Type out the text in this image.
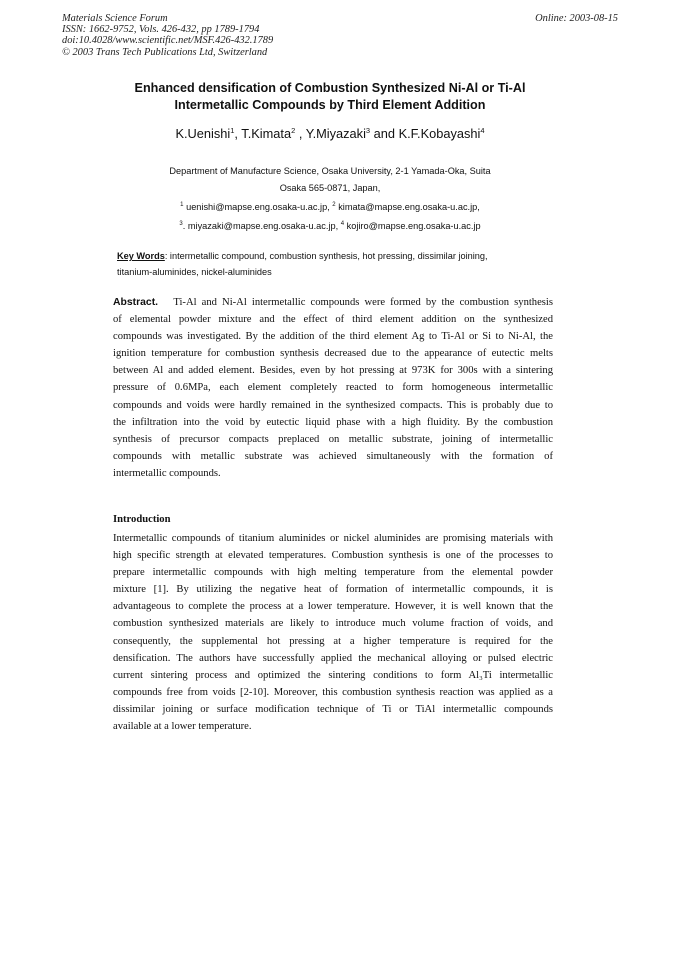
Materials Science Forum
ISSN: 1662-9752, Vols. 426-432, pp 1789-1794
doi:10.4028/www.scientific.net/MSF.426-432.1789
© 2003 Trans Tech Publications Ltd, Switzerland
Online: 2003-08-15
Enhanced densification of Combustion Synthesized Ni-Al or Ti-Al
Intermetallic Compounds by Third Element Addition
K.Uenishi$^1$, T.Kimata$^2$ , Y.Miyazaki$^3$ and K.F.Kobayashi$^4$
Department of Manufacture Science, Osaka University, 2-1 Yamada-Oka, Suita
Osaka 565-0871, Japan,
$^1$ uenishi@mapse.eng.osaka-u.ac.jp, $^2$ kimata@mapse.eng.osaka-u.ac.jp,
$^3$. miyazaki@mapse.eng.osaka-u.ac.jp, $^4$ kojiro@mapse.eng.osaka-u.ac.jp
Key Words: intermetallic compound, combustion synthesis, hot pressing, dissimilar joining,
titanium-aluminides, nickel-aluminides
Abstract. Ti-Al and Ni-Al intermetallic compounds were formed by the combustion synthesis
of elemental powder mixture and the effect of third element addition on the synthesized
compounds was investigated. By the addition of the third element Ag to Ti-Al or Si to Ni-Al, the
ignition temperature for combustion synthesis decreased due to the appearance of eutectic melts
between Al and added element. Besides, even by hot pressing at 973K for 300s with a sintering
pressure of 0.6MPa, each element completely reacted to form homogeneous intermetallic
compounds and voids were hardly remained in the synthesized compacts. This is probably due to
the infiltration into the void by eutectic liquid phase with a high fluidity. By the combustion
synthesis of precursor compacts preplaced on metallic substrate, joining of intermetallic
compounds with metallic substrate was achieved simultaneously with the formation of
intermetallic compounds.
Introduction
Intermetallic compounds of titanium aluminides or nickel aluminides are promising materials with
high specific strength at elevated temperatures. Combustion synthesis is one of the processes to
prepare intermetallic compounds with high melting temperature from the elemental powder
mixture [1]. By utilizing the negative heat of formation of intermetallic compounds, it is
advantageous to complete the process at a lower temperature. However, it is well known that the
combustion synthesized materials are likely to introduce much volume fraction of voids, and
consequently, the supplemental hot pressing at a higher temperature is required for the
densification. The authors have successfully applied the mechanical alloying or pulsed electric
current sintering process and optimized the sintering conditions to form Al₃Ti intermetallic
compounds free from voids [2-10]. Moreover, this combustion synthesis reaction was applied as a
dissimilar joining or surface modification technique of Ti or TiAl intermetallic compounds
available at a lower temperature.
